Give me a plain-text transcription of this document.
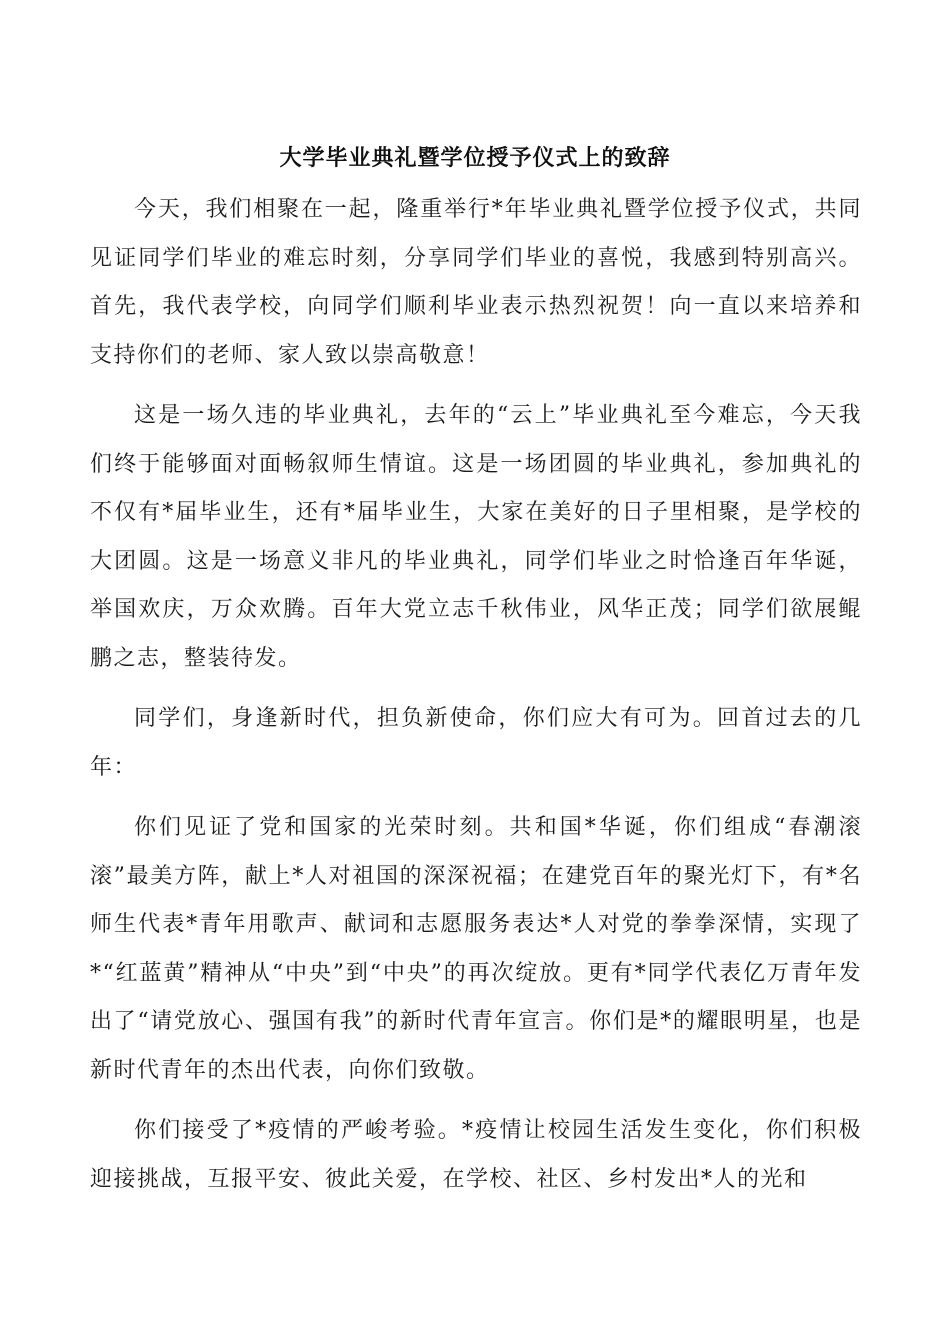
大学毕业典礼暨学位授予仪式上的致辞

今天，我们相聚在一起，隆重举行*年毕业典礼暨学位授予仪式，共同见证同学们毕业的难忘时刻，分享同学们毕业的喜悦，我感到特别高兴。首先，我代表学校，向同学们顺利毕业表示热烈祝贺！向一直以来培养和支持你们的老师、家人致以崇高敬意！

这是一场久违的毕业典礼，去年的“云上”毕业典礼至今难忘，今天我们终于能够面对面畅叙师生情谊。这是一场团圆的毕业典礼，参加典礼的不仅有*届毕业生，还有*届毕业生，大家在美好的日子里相聚，是学校的大团圆。这是一场意义非凡的毕业典礼，同学们毕业之时恰逢百年华诞，举国欢庆，万众欢腾。百年大党立志千秋伟业，风华正茂；同学们欲展鲲鹏之志，整装待发。

同学们，身逢新时代，担负新使命，你们应大有可为。回首过去的几年：

你们见证了党和国家的光荣时刻。共和国*华诞，你们组成“春潮滚滚”最美方阵，献上*人对祖国的深深祝福；在建党百年的聚光灯下，有*名师生代表*青年用歌声、献词和志愿服务表达*人对党的拳拳深情，实现了*“红蓝黄”精神从“中央”到“中央”的再次绽放。更有*同学代表亿万青年发出了“请党放心、强国有我”的新时代青年宣言。你们是*的耀眼明星，也是新时代青年的杰出代表，向你们致敬。

你们接受了*疫情的严峻考验。*疫情让校园生活发生变化，你们积极迎接挑战，互报平安、彼此关爱，在学校、社区、乡村发出*人的光和
